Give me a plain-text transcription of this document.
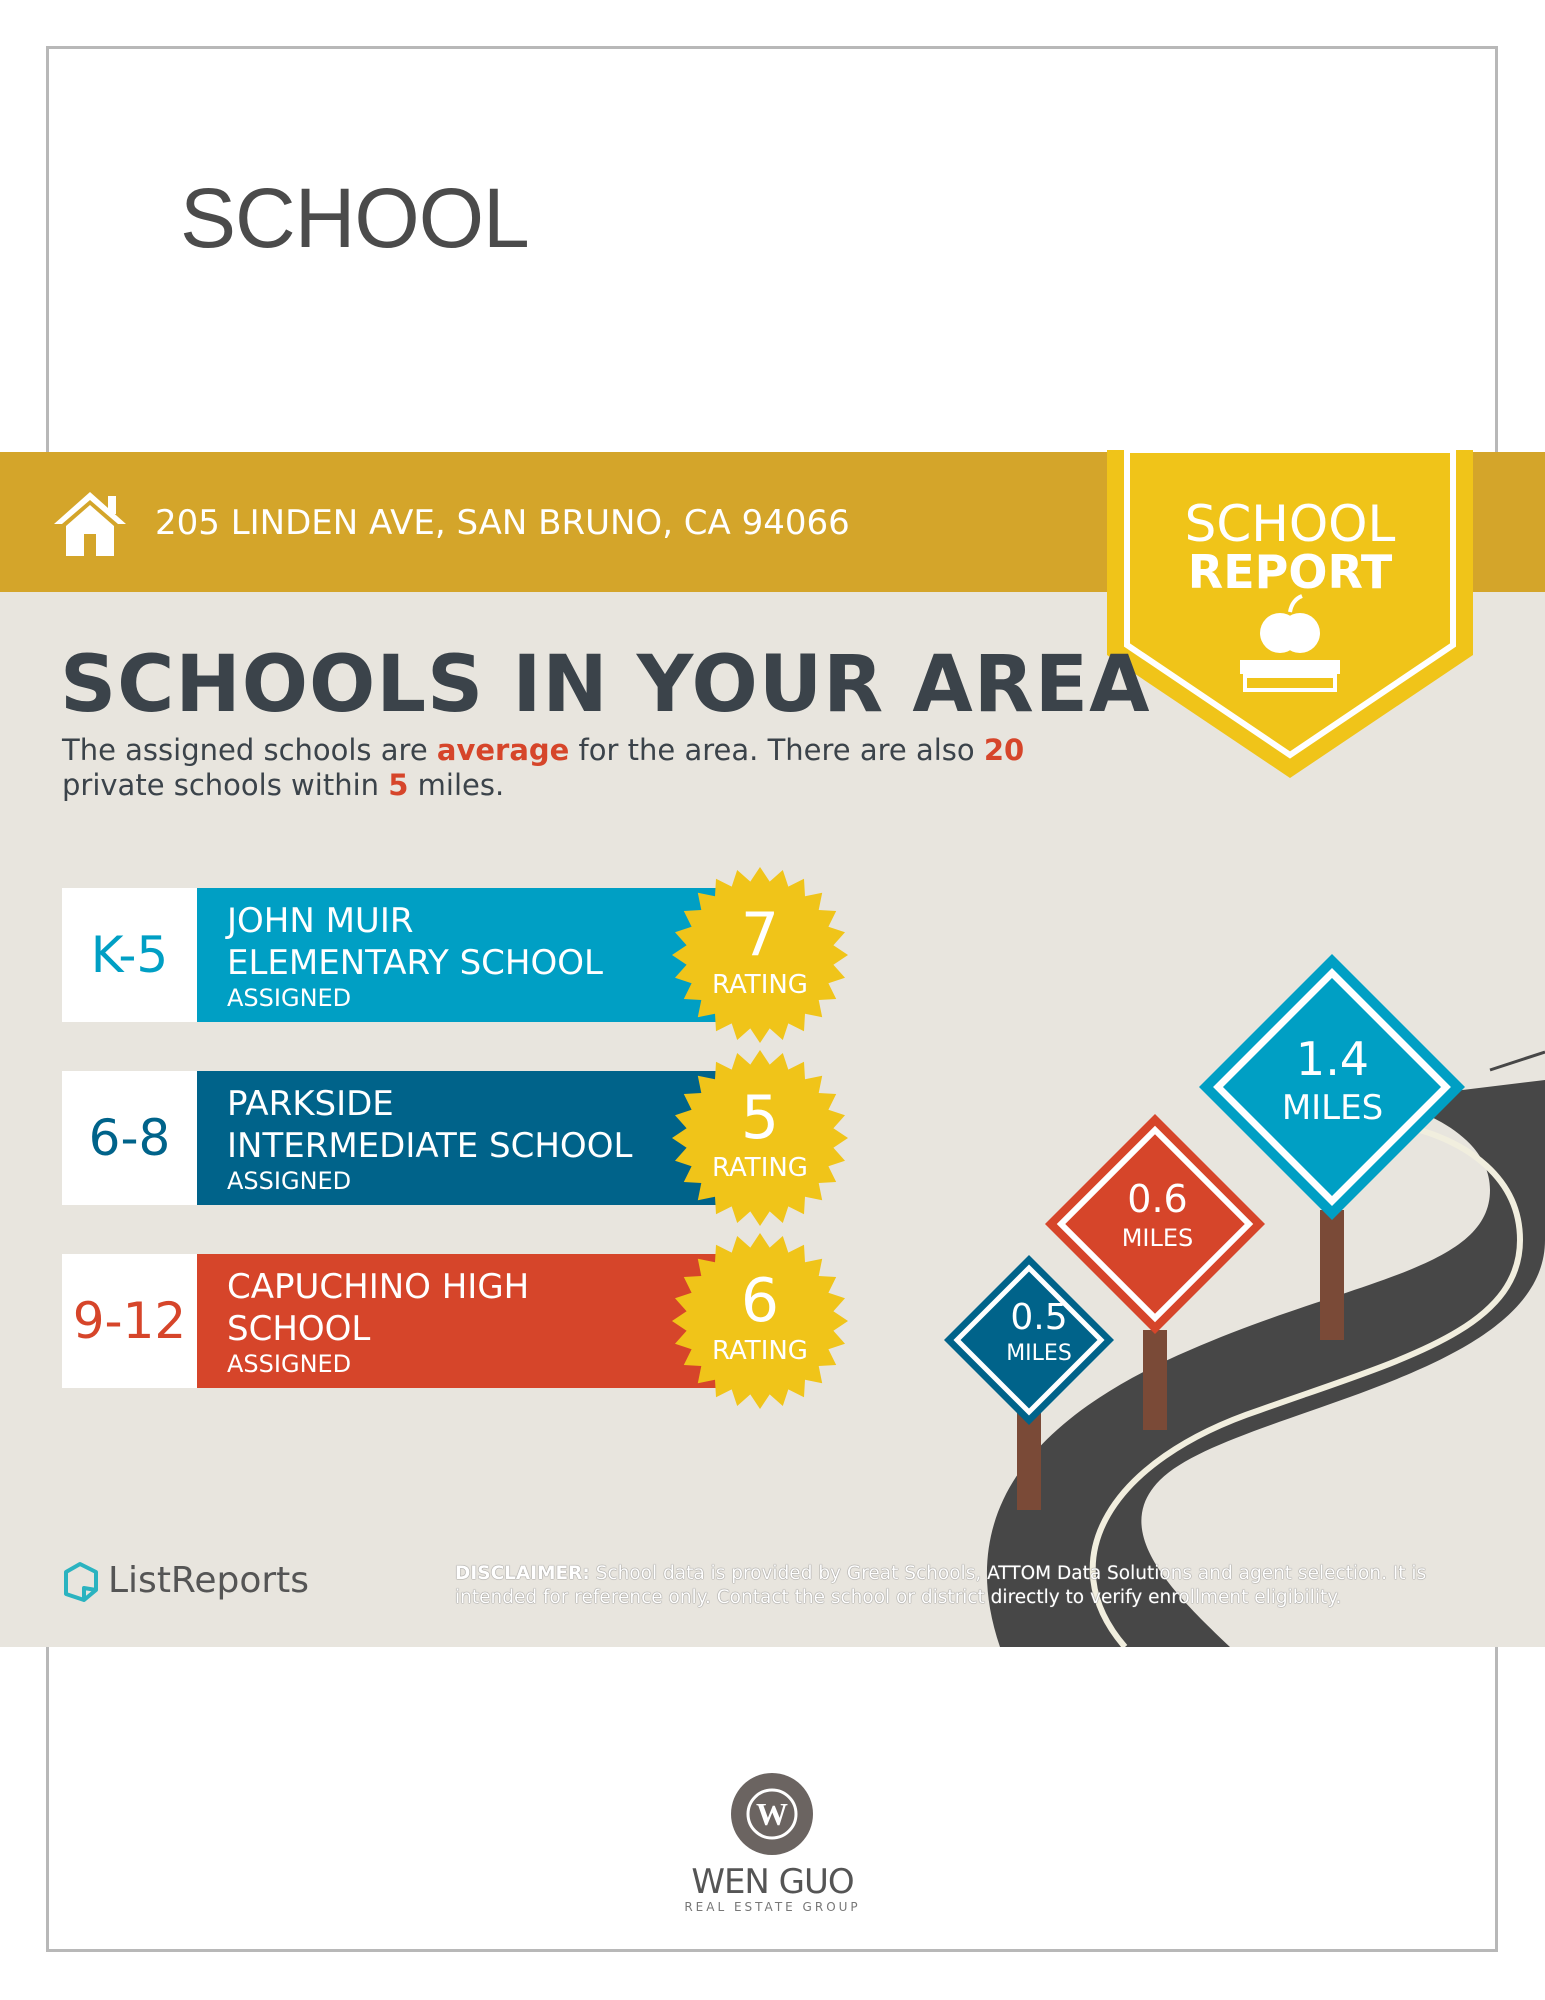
SCHOOL
205 LINDEN AVE, SAN BRUNO, CA 94066	SCHOOL
REPORT
SCHOOLS IN YOUR AREA
The assigned schools are average for the area. There are also 20 private schools within 5 miles.
K-5
JOHN MUIR
ELEMENTARY SCHOOL
ASSIGNED
6-8
PARKSIDE
INTERMEDIATE SCHOOL
ASSIGNED
9-12
CAPUCHINO HIGH
SCHOOL
ASSIGNED
7
RATING
5
RATING
6
RATING
0.5
MILES
0.6
MILES
1.4
MILES
ListReports	DISCLAIMER: School data is provided by Great Schools, ATTOM Data Solutions and agent selection. It is intended for reference only. Contact the school or district directly to verify enrollment eligibility.
W
WEN GUO
REAL ESTATE GROUP
